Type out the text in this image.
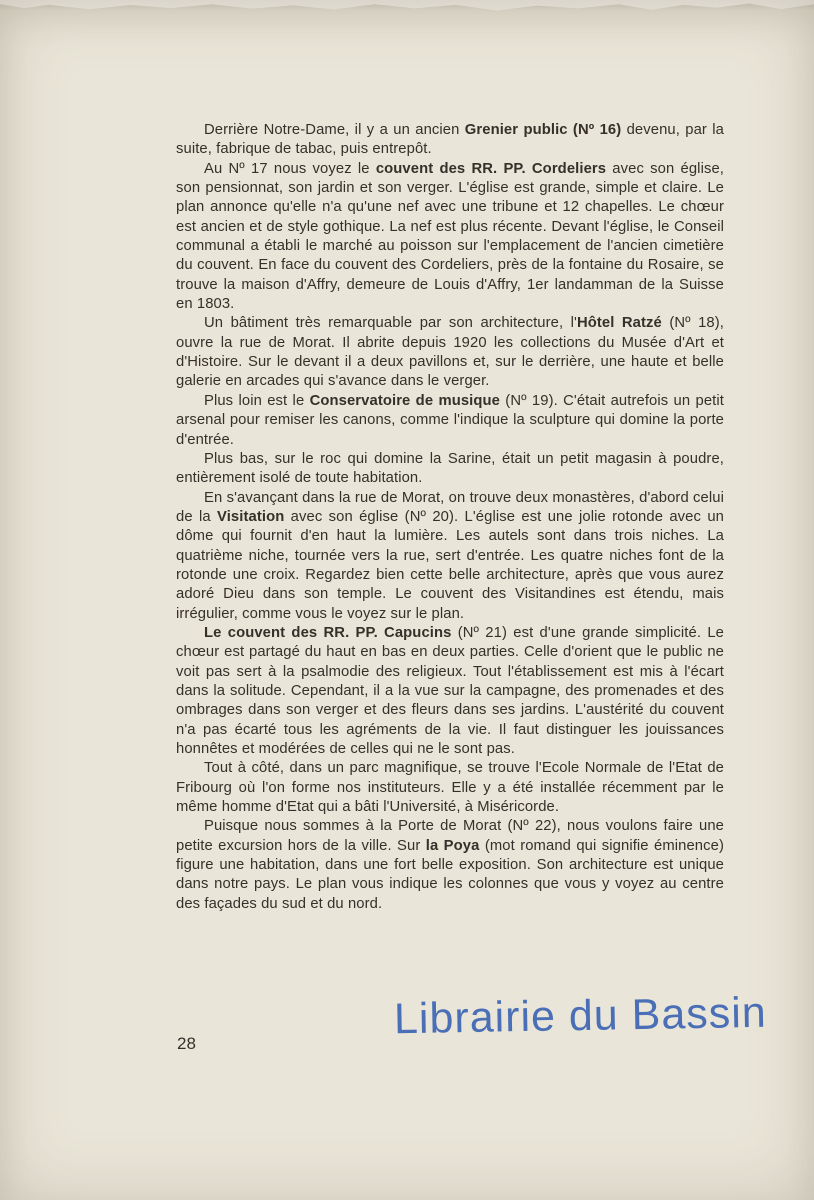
Derrière Notre-Dame, il y a un ancien Grenier public (Nº 16) devenu, par la suite, fabrique de tabac, puis entrepôt.

Au Nº 17 nous voyez le couvent des RR. PP. Cordeliers avec son église, son pensionnat, son jardin et son verger. L'église est grande, simple et claire. Le plan annonce qu'elle n'a qu'une nef avec une tribune et 12 chapelles. Le chœur est ancien et de style gothique. La nef est plus récente. Devant l'église, le Conseil communal a établi le marché au poisson sur l'emplacement de l'ancien cimetière du couvent. En face du couvent des Cordeliers, près de la fontaine du Rosaire, se trouve la maison d'Affry, demeure de Louis d'Affry, 1er landamman de la Suisse en 1803.

Un bâtiment très remarquable par son architecture, l'Hôtel Ratzé (Nº 18), ouvre la rue de Morat. Il abrite depuis 1920 les collections du Musée d'Art et d'Histoire. Sur le devant il a deux pavillons et, sur le derrière, une haute et belle galerie en arcades qui s'avance dans le verger.

Plus loin est le Conservatoire de musique (Nº 19). C'était autrefois un petit arsenal pour remiser les canons, comme l'indique la sculpture qui domine la porte d'entrée.

Plus bas, sur le roc qui domine la Sarine, était un petit magasin à poudre, entièrement isolé de toute habitation.

En s'avançant dans la rue de Morat, on trouve deux monastères, d'abord celui de la Visitation avec son église (Nº 20). L'église est une jolie rotonde avec un dôme qui fournit d'en haut la lumière. Les autels sont dans trois niches. La quatrième niche, tournée vers la rue, sert d'entrée. Les quatre niches font de la rotonde une croix. Regardez bien cette belle architecture, après que vous aurez adoré Dieu dans son temple. Le couvent des Visitandines est étendu, mais irrégulier, comme vous le voyez sur le plan.

Le couvent des RR. PP. Capucins (Nº 21) est d'une grande simplicité. Le chœur est partagé du haut en bas en deux parties. Celle d'orient que le public ne voit pas sert à la psalmodie des religieux. Tout l'établissement est mis à l'écart dans la solitude. Cependant, il a la vue sur la campagne, des promenades et des ombrages dans son verger et des fleurs dans ses jardins. L'austérité du couvent n'a pas écarté tous les agréments de la vie. Il faut distinguer les jouissances honnêtes et modérées de celles qui ne le sont pas.

Tout à côté, dans un parc magnifique, se trouve l'Ecole Normale de l'Etat de Fribourg où l'on forme nos instituteurs. Elle y a été installée récemment par le même homme d'Etat qui a bâti l'Université, à Miséricorde.

Puisque nous sommes à la Porte de Morat (Nº 22), nous voulons faire une petite excursion hors de la ville. Sur la Poya (mot romand qui signifie éminence) figure une habitation, dans une fort belle exposition. Son architecture est unique dans notre pays. Le plan vous indique les colonnes que vous y voyez au centre des façades du sud et du nord.

28
Librairie du Bassin
